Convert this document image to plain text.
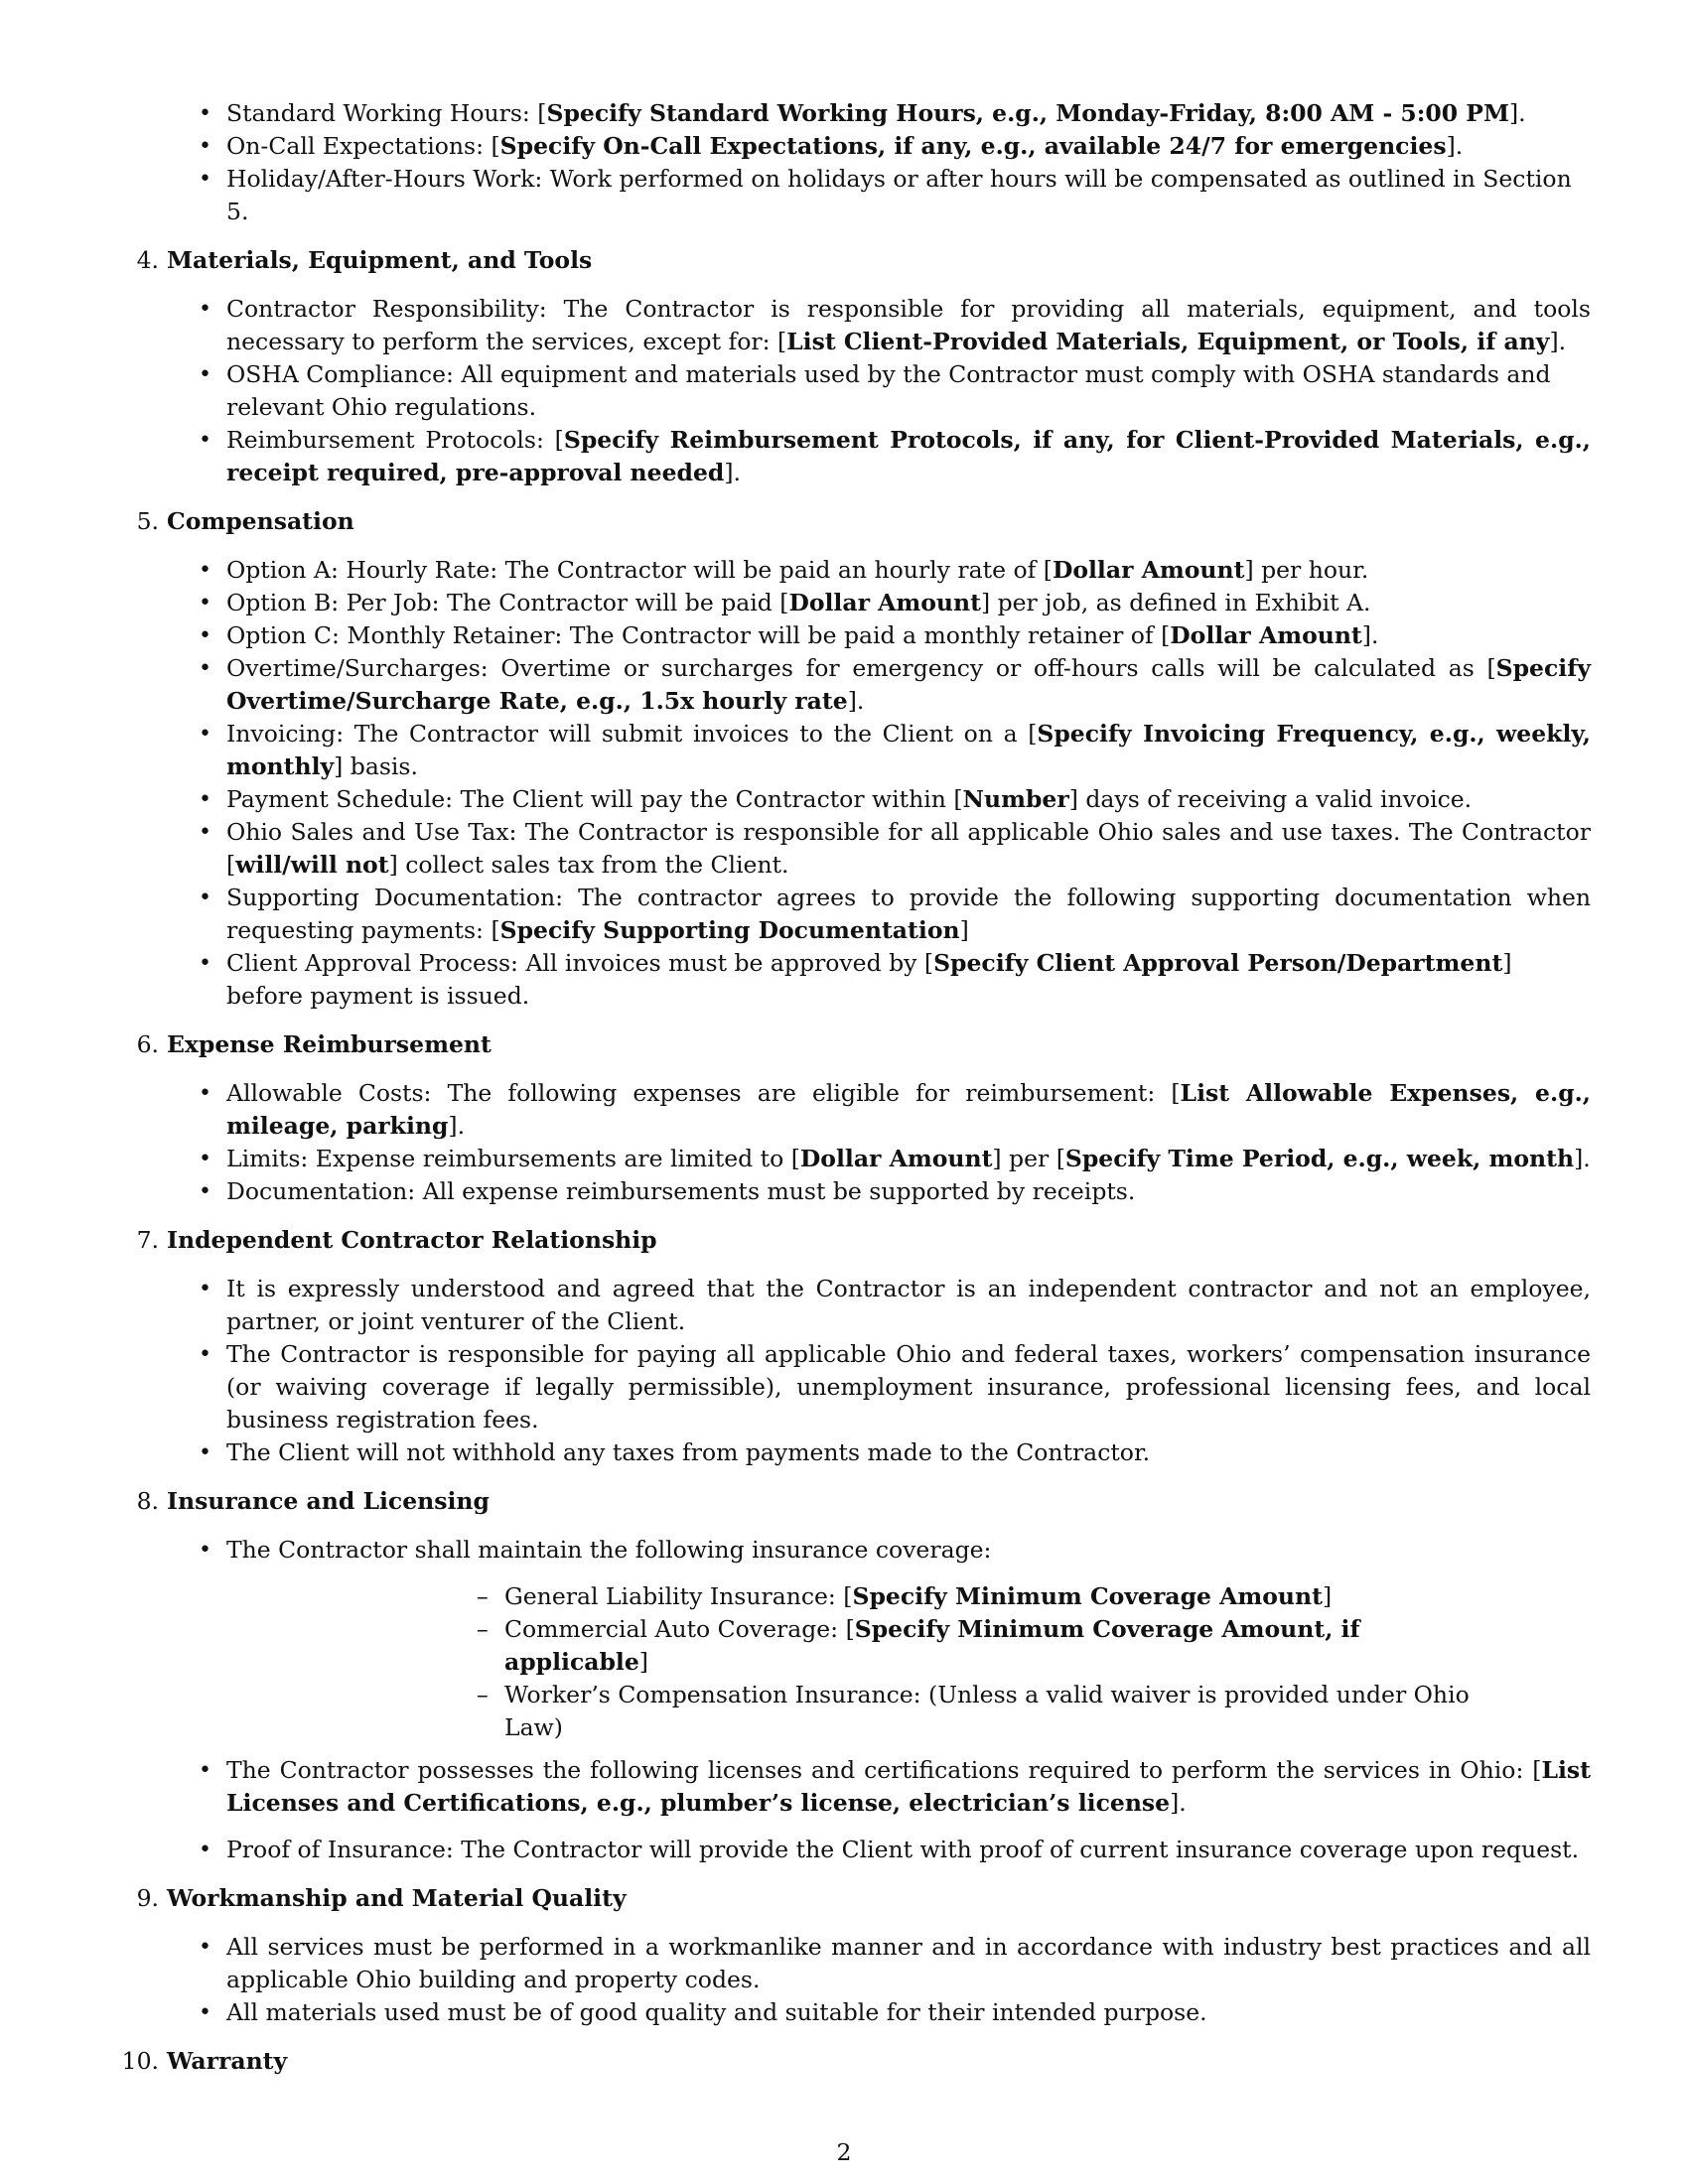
• Standard Working Hours: [Specify Standard Working Hours, e.g., Monday-Friday, 8:00 AM - 5:00 PM].
• On-Call Expectations: [Specify On-Call Expectations, if any, e.g., available 24/7 for emergencies].
• Holiday/After-Hours Work: Work performed on holidays or after hours will be compensated as outlined in Section 5.
4. Materials, Equipment, and Tools
• Contractor Responsibility: The Contractor is responsible for providing all materials, equipment, and tools necessary to perform the services, except for: [List Client-Provided Materials, Equipment, or Tools, if any].
• OSHA Compliance: All equipment and materials used by the Contractor must comply with OSHA standards and relevant Ohio regulations.
• Reimbursement Protocols: [Specify Reimbursement Protocols, if any, for Client-Provided Materials, e.g., receipt required, pre-approval needed].
5. Compensation
• Option A: Hourly Rate: The Contractor will be paid an hourly rate of [Dollar Amount] per hour.
• Option B: Per Job: The Contractor will be paid [Dollar Amount] per job, as defined in Exhibit A.
• Option C: Monthly Retainer: The Contractor will be paid a monthly retainer of [Dollar Amount].
• Overtime/Surcharges: Overtime or surcharges for emergency or off-hours calls will be calculated as [Specify Overtime/Surcharge Rate, e.g., 1.5x hourly rate].
• Invoicing: The Contractor will submit invoices to the Client on a [Specify Invoicing Frequency, e.g., weekly, monthly] basis.
• Payment Schedule: The Client will pay the Contractor within [Number] days of receiving a valid invoice.
• Ohio Sales and Use Tax: The Contractor is responsible for all applicable Ohio sales and use taxes. The Contractor [will/will not] collect sales tax from the Client.
• Supporting Documentation: The contractor agrees to provide the following supporting documentation when requesting payments: [Specify Supporting Documentation]
• Client Approval Process: All invoices must be approved by [Specify Client Approval Person/Department] before payment is issued.
6. Expense Reimbursement
• Allowable Costs: The following expenses are eligible for reimbursement: [List Allowable Expenses, e.g., mileage, parking].
• Limits: Expense reimbursements are limited to [Dollar Amount] per [Specify Time Period, e.g., week, month].
• Documentation: All expense reimbursements must be supported by receipts.
7. Independent Contractor Relationship
• It is expressly understood and agreed that the Contractor is an independent contractor and not an employee, partner, or joint venturer of the Client.
• The Contractor is responsible for paying all applicable Ohio and federal taxes, workers’ compensation insurance (or waiving coverage if legally permissible), unemployment insurance, professional licensing fees, and local business registration fees.
• The Client will not withhold any taxes from payments made to the Contractor.
8. Insurance and Licensing
• The Contractor shall maintain the following insurance coverage:
– General Liability Insurance: [Specify Minimum Coverage Amount]
– Commercial Auto Coverage: [Specify Minimum Coverage Amount, if applicable]
– Worker’s Compensation Insurance: (Unless a valid waiver is provided under Ohio Law)
• The Contractor possesses the following licenses and certifications required to perform the services in Ohio: [List Licenses and Certifications, e.g., plumber’s license, electrician’s license].
• Proof of Insurance: The Contractor will provide the Client with proof of current insurance coverage upon request.
9. Workmanship and Material Quality
• All services must be performed in a workmanlike manner and in accordance with industry best practices and all applicable Ohio building and property codes.
• All materials used must be of good quality and suitable for their intended purpose.
10. Warranty
2
